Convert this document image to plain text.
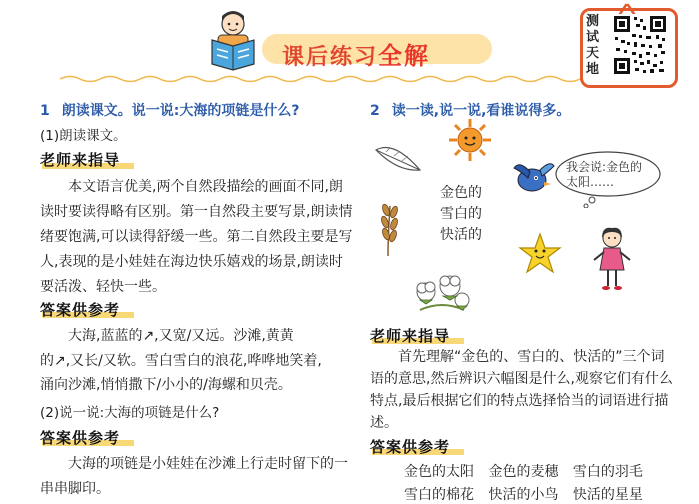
课后练习全解
测试天地
1 朗读课文。说一说:大海的项链是什么?
(1)朗读课文。
老师来指导
本文语言优美,两个自然段描绘的画面不同,朗读时要读得略有区别。第一自然段主要写景,朗读情绪要饱满,可以读得舒缓一些。第二自然段主要是写人,表现的是小娃娃在海边快乐嬉戏的场景,朗读时要活泼、轻快一些。
答案供参考
大海,蓝蓝的↗,又宽/又远。沙滩,黄黄
的↗,又长/又软。雪白雪白的浪花,哗哗地笑着,
涌向沙滩,悄悄撒下/小小的/海螺和贝壳。
(2)说一说:大海的项链是什么?
答案供参考
大海的项链是小娃娃在沙滩上行走时留下的一串串脚印。
2 读一读,说一说,看谁说得多。
我会说:金色的太阳……
金色的
雪白的
快活的
老师来指导
首先理解“金色的、雪白的、快活的”三个词语的意思,然后辨识六幅图是什么,观察它们有什么特点,最后根据它们的特点选择恰当的词语进行描述。
答案供参考
金色的太阳 金色的麦穗 雪白的羽毛
雪白的棉花 快活的小鸟 快活的星星
